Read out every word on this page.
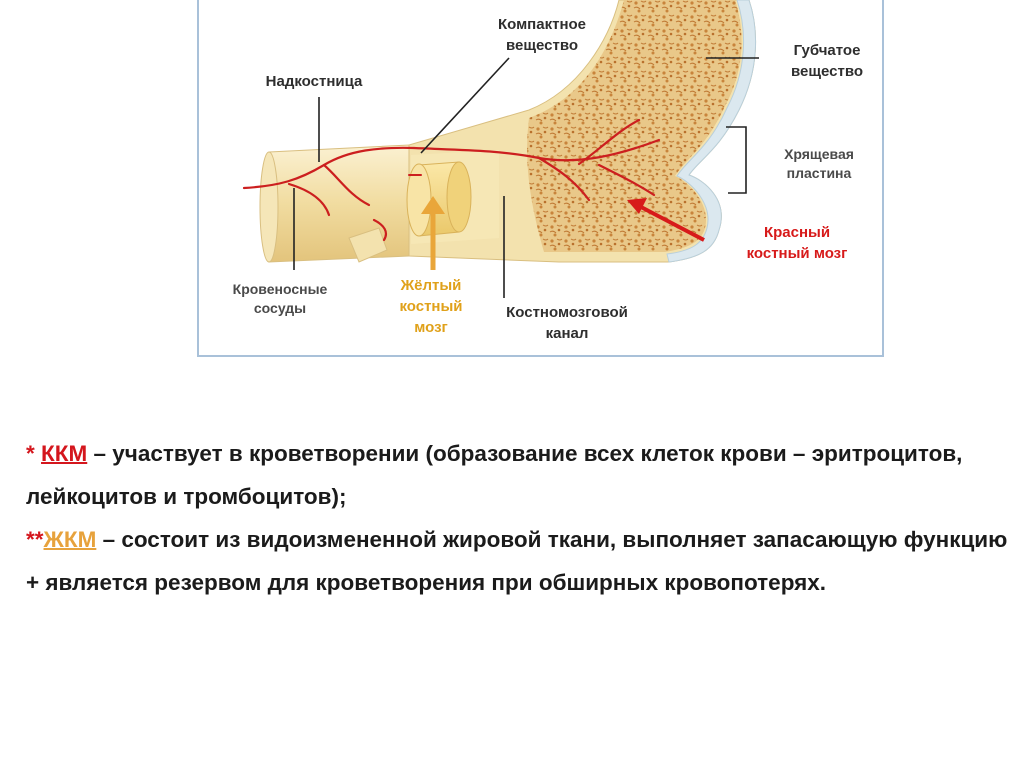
Компактное
вещество
Надкостница
Губчатое
вещество
Хрящевая
пластина
Красный
костный мозг
Кровеносные
сосуды
Жёлтый
костный
мозг
Костномозговой
канал

* ККМ – участвует в кроветворении (образование всех клеток крови – эритроцитов, лейкоцитов и тромбоцитов);

**ЖКМ – состоит из видоизмененной жировой ткани, выполняет запасающую функцию + является резервом для кроветворения при обширных кровопотерях.
